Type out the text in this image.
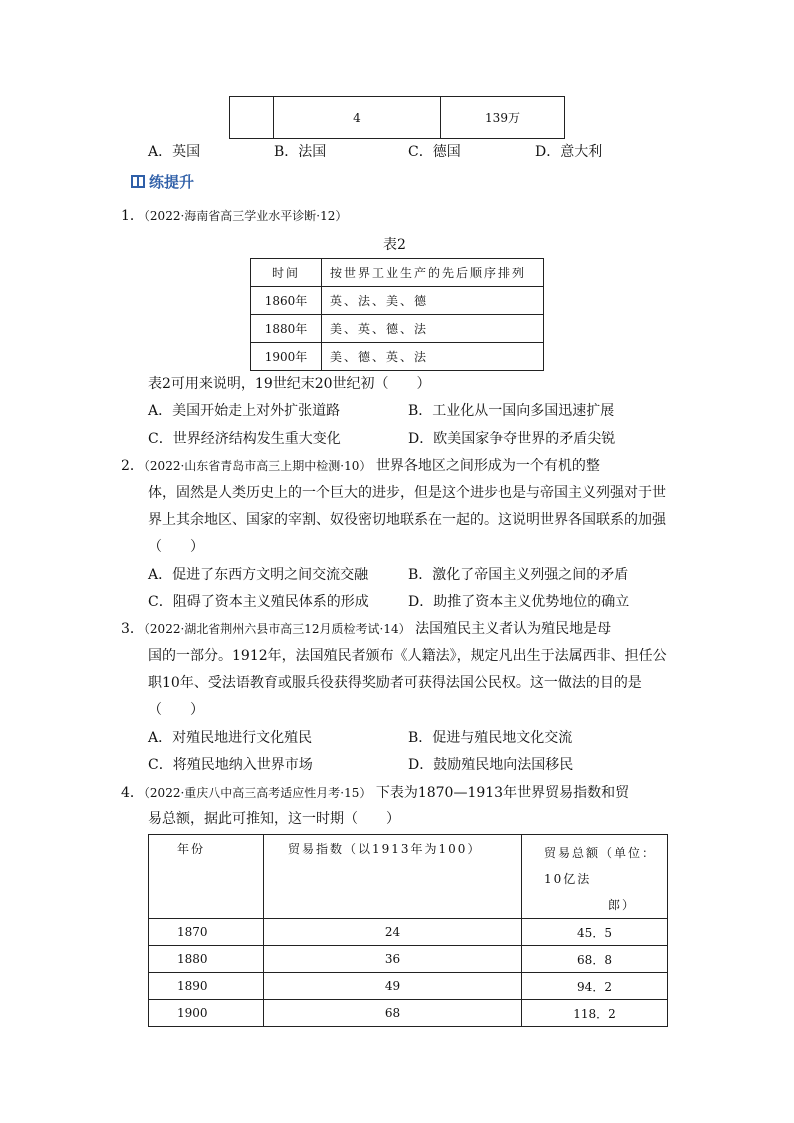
	4	139万
A．英国	B．法国	C．德国	D．意大利
练提升
1．（2022·海南省高三学业水平诊断·12）
表2
时间	按世界工业生产的先后顺序排列
1860年	英、法、美、德
1880年	美、英、德、法
1900年	美、德、英、法
表2可用来说明，19世纪末20世纪初（　　）
A．美国开始走上对外扩张道路	B．工业化从一国向多国迅速扩展
C．世界经济结构发生重大变化	D．欧美国家争夺世界的矛盾尖锐
2．（2022·山东省青岛市高三上期中检测·10） 世界各地区之间形成为一个有机的整
体，固然是人类历史上的一个巨大的进步，但是这个进步也是与帝国主义列强对于世
界上其余地区、国家的宰割、奴役密切地联系在一起的。这说明世界各国联系的加强
（　　）
A．促进了东西方文明之间交流交融	B．激化了帝国主义列强之间的矛盾
C．阻碍了资本主义殖民体系的形成	D．助推了资本主义优势地位的确立
3．（2022·湖北省荆州六县市高三12月质检考试·14） 法国殖民主义者认为殖民地是母
国的一部分。1912年，法国殖民者颁布《人籍法》，规定凡出生于法属西非、担任公
职10年、受法语教育或服兵役获得奖励者可获得法国公民权。这一做法的目的是
（　　）
A．对殖民地进行文化殖民	B．促进与殖民地文化交流
C．将殖民地纳入世界市场	D．鼓励殖民地向法国移民
4．（2022·重庆八中高三高考适应性月考·15） 下表为1870—1913年世界贸易指数和贸
易总额，据此可推知，这一时期（　　）
年份	贸易指数（以1913年为100）	贸易总额（单位：10亿法
郎）
1870	24	45．5
1880	36	68．8
1890	49	94．2
1900	68	118．2
